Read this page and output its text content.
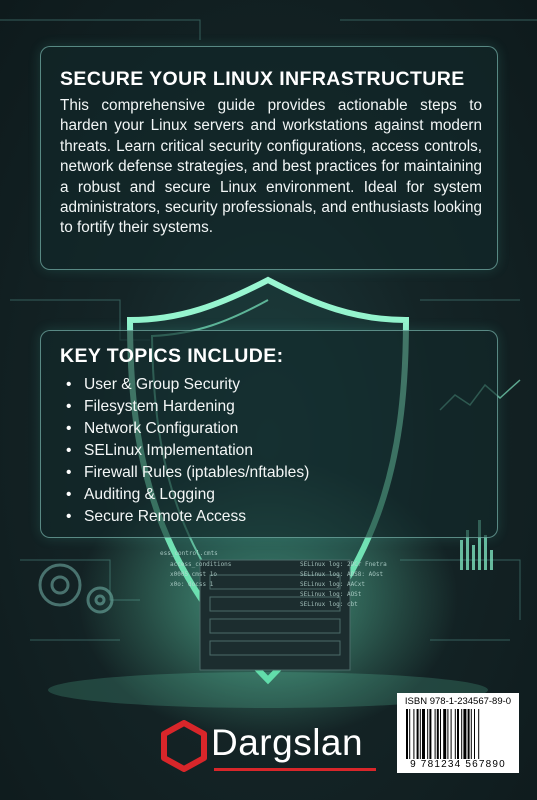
ess_control.cmts
access_conditions
x0005 cmst 1o
x0o: docss 1
SELinux log: 2DCr Fnetra
SELinux log: AOS8: AOst
SELinux log: AACxt
SELinux log: AOSt
SELinux log: cbt
SECURE YOUR LINUX INFRASTRUCTURE
This comprehensive guide provides actionable steps to harden your Linux servers and workstations against modern threats. Learn critical security configurations, access controls, network defense strategies, and best practices for maintaining a robust and secure Linux environment. Ideal for system administrators, security professionals, and enthusiasts looking to fortify their systems.
KEY TOPICS INCLUDE:
• User & Group Security
• Filesystem Hardening
• Network Configuration
• SELinux Implementation
• Firewall Rules (iptables/nftables)
• Auditing & Logging
• Secure Remote Access
Dargslan
ISBN 978-1-234567-89-0
9 781234 567890
